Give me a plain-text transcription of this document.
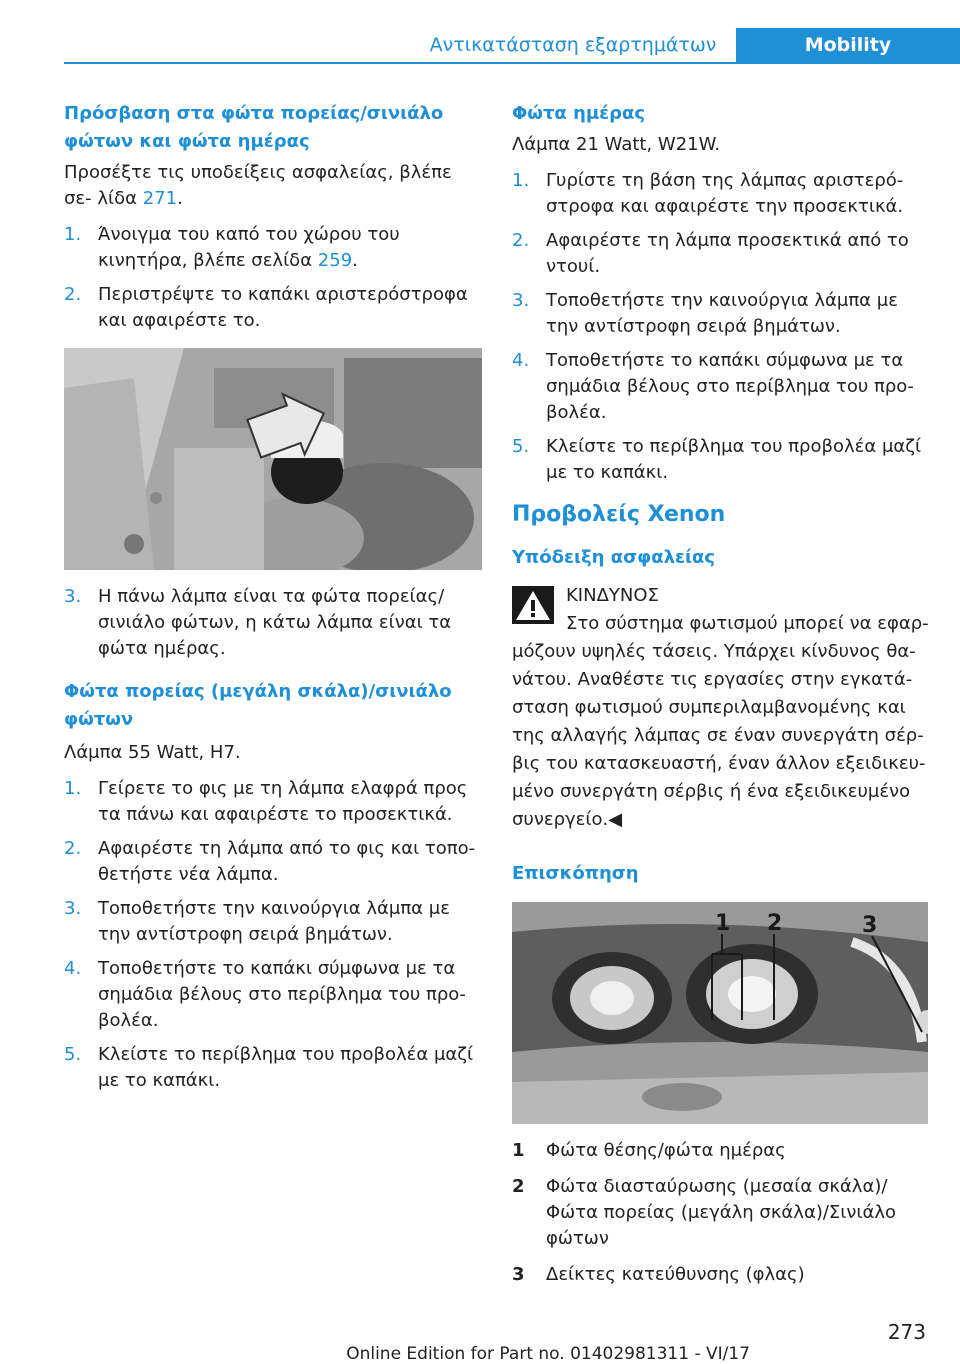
Αντικατάσταση εξαρτημάτων	Mobility
Πρόσβαση στα φώτα πορείας/σινιάλο φώτων και φώτα ημέρας

Προσέξτε τις υποδείξεις ασφαλείας, βλέπε σε‐ λίδα 271.

1. Άνοιγμα του καπό του χώρου του κινητήρα, βλέπε σελίδα 259.
2. Περιστρέψτε το καπάκι αριστερόστροφα και αφαιρέστε το.
3. Η πάνω λάμπα είναι τα φώτα πορείας/ σινιάλο φώτων, η κάτω λάμπα είναι τα φώτα ημέρας.
Φώτα πορείας (μεγάλη σκάλα)/σινιάλο φώτων

Λάμπα 55 Watt, H7.

1. Γείρετε το φις με τη λάμπα ελαφρά προς τα πάνω και αφαιρέστε το προσεκτικά.
2. Αφαιρέστε τη λάμπα από το φις και τοπο‐ θετήστε νέα λάμπα.
3. Τοποθετήστε την καινούργια λάμπα με την αντίστροφη σειρά βημάτων.
4. Τοποθετήστε το καπάκι σύμφωνα με τα σημάδια βέλους στο περίβλημα του προ‐ βολέα.
5. Κλείστε το περίβλημα του προβολέα μαζί με το καπάκι.
Φώτα ημέρας

Λάμπα 21 Watt, W21W.

1. Γυρίστε τη βάση της λάμπας αριστερό‐ στροφα και αφαιρέστε την προσεκτικά.
2. Αφαιρέστε τη λάμπα προσεκτικά από το ντουί.
3. Τοποθετήστε την καινούργια λάμπα με την αντίστροφη σειρά βημάτων.
4. Τοποθετήστε το καπάκι σύμφωνα με τα σημάδια βέλους στο περίβλημα του προ‐ βολέα.
5. Κλείστε το περίβλημα του προβολέα μαζί με το καπάκι.
Προβολείς Xenon
Υπόδειξη ασφαλείας
ΚΙΝΔΥΝΟΣ

Στο σύστημα φωτισμού μπορεί να εφαρ‐ μόζουν υψηλές τάσεις. Υπάρχει κίνδυνος θα‐ νάτου. Αναθέστε τις εργασίες στην εγκατά‐ σταση φωτισμού συμπεριλαμβανομένης και της αλλαγής λάμπας σε έναν συνεργάτη σέρ‐ βις του κατασκευαστή, έναν άλλον εξειδικευ‐ μένο συνεργάτη σέρβις ή ένα εξειδικευμένο συνεργείο.◀

Επισκόπηση
1 2	3
1 Φώτα θέσης/φώτα ημέρας
2 Φώτα διασταύρωσης (μεσαία σκάλα)/ Φώτα πορείας (μεγάλη σκάλα)/Σινιάλο φώτων
3 Δείκτες κατεύθυνσης (φλας)
273
Online Edition for Part no. 01402981311 - VI/17
